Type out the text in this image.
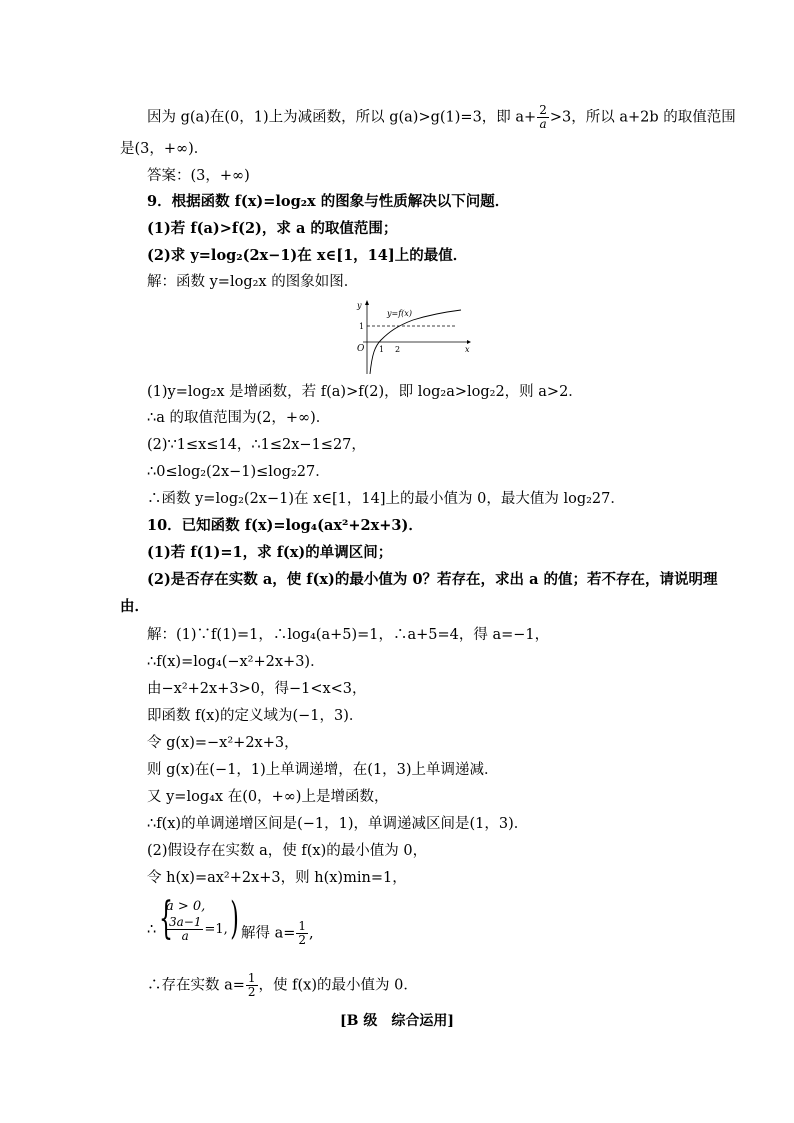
因为 g(a)在(0，1)上为减函数，所以 g(a)>g(1)=3，即 $a+ \frac{2}{a} >3$，所以 a+2b 的取值范围
是(3，+∞)．
答案：(3，+∞)
9．根据函数 f(x)=log₂x 的图象与性质解决以下问题．
(1)若 f(a)>f(2)，求 a 的取值范围；
(2)求 y=log₂(2x−1)在 x∈[1，14]上的最值．
解：函数 y=log₂x 的图象如图．
y
x
O
1
1 2
y=f(x)
(1)y=log₂x 是增函数，若 f(a)>f(2)，即 log₂a>log₂2，则 a>2．
∴a 的取值范围为(2，+∞)．
(2)∵1≤x≤14，∴1≤2x−1≤27，
∴0≤log₂(2x−1)≤log₂27．
∴函数 y=log₂(2x−1)在 x∈[1，14]上的最小值为 0，最大值为 log₂27．
10．已知函数 f(x)=log₄(ax²+2x+3)．
(1)若 f(1)=1，求 f(x)的单调区间；
(2)是否存在实数 a，使 f(x)的最小值为 0？若存在，求出 a 的值；若不存在，请说明理
由．
解：(1)∵f(1)=1，∴log₄(a+5)=1，∴a+5=4，得 a=−1，
∴f(x)=log₄(−x²+2x+3)．
由−x²+2x+3>0，得−1<x<3，
即函数 f(x)的定义域为(−1，3)．
令 g(x)=−x²+2x+3，
则 g(x)在(−1，1)上单调递增，在(1，3)上单调递减．
又 y=log₄x 在(0，+∞)上是增函数，
∴f(x)的单调递增区间是(−1，1)，单调递减区间是(1，3)．
(2)假设存在实数 a，使 f(x)的最小值为 0，
令 h(x)=ax²+2x+3，则 h(x)min=1，
∴ {
a > 0,
$\frac{3a-1}{a} =1$, ) 解得 $a= \frac{1}{2}$ ,
∴存在实数 $a= \frac{1}{2}$ ，使 f(x)的最小值为 0．
[B 级　综合运用]
